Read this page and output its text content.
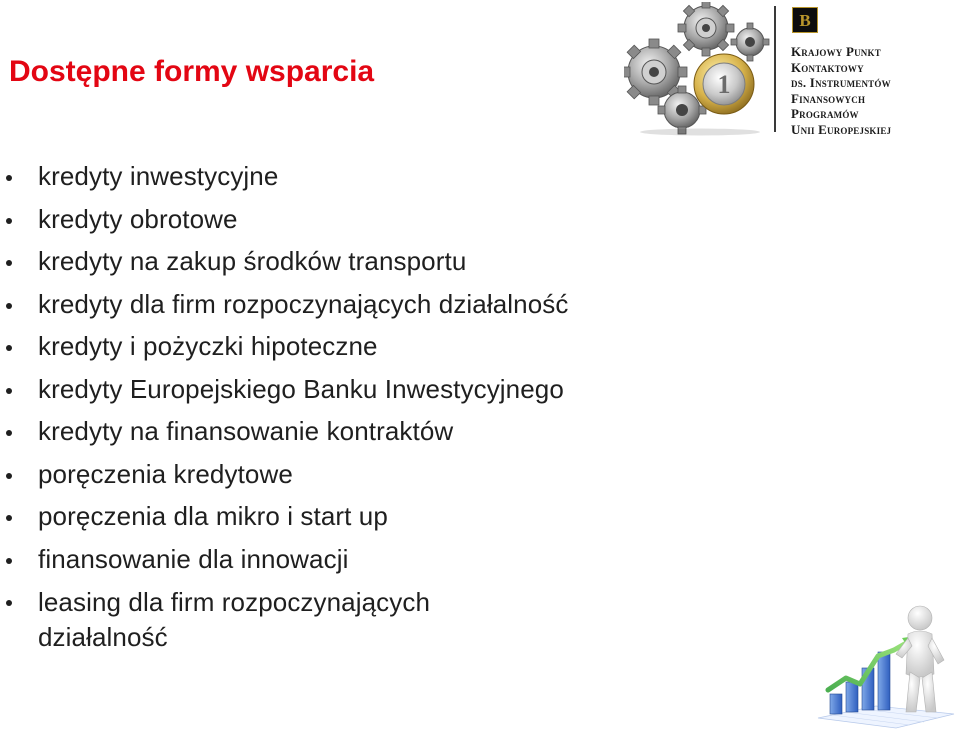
Dostępne formy wsparcia	1
B
Krajowy Punkt
Kontaktowy
ds. Instrumentów
Finansowych
Programów
Unii Europejskiej
kredyty inwestycyjne
kredyty obrotowe
kredyty na zakup środków transportu
kredyty dla firm rozpoczynających działalność
kredyty i pożyczki hipoteczne
kredyty Europejskiego Banku Inwestycyjnego
kredyty na finansowanie kontraktów
poręczenia kredytowe
poręczenia dla mikro i start up
finansowanie dla innowacji
leasing dla firm rozpoczynających działalność
